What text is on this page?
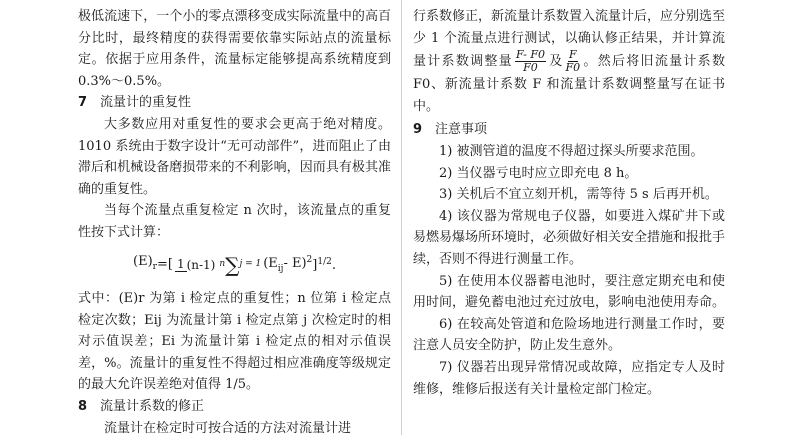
极低流速下，一个小的零点漂移变成实际流量中的高百分比时，最终精度的获得需要依靠实际站点的流量标定。依据于应用条件，流量标定能够提高系统精度到 0.3%～0.5%。

7 流量计的重复性

大多数应用对重复性的要求会更高于绝对精度。1010 系统由于数字设计“无可动部件”，进而阻止了由滞后和机械设备磨损带来的不利影响，因而具有极其准确的重复性。

当每个流量点重复检定 n 次时，该流量点的重复性按下式计算：

$(E)_r=$[ 1 (n-1) n∑j = 1 ($E_{ij}-$ E)$^2$]$^{1/2}$.

式中：(E)r 为第 i 检定点的重复性；n 位第 i 检定点检定次数；Eij 为流量计第 i 检定点第 j 次检定时的相对示值误差；Ei 为流量计第 i 检定点的相对示值误差，%。流量计的重复性不得超过相应准确度等级规定的最大允许误差绝对值得 1/5。

8 流量计系数的修正

流量计在检定时可按合适的方法对流量计进

行系数修正，新流量计系数置入流量计后，应分别选至少 1 个流量点进行测试，以确认修正结果，并计算流量计系数调整量 $\frac{F- F0}{F0}$ 及 $\frac{F}{F0}$ 。然后将旧流量计系数 F0、新流量计系数 F 和流量计系数调整量写在证书中。

9 注意事项

1) 被测管道的温度不得超过探头所要求范围。

2) 当仪器亏电时应立即充电 8 h。

3) 关机后不宜立刻开机，需等待 5 s 后再开机。

4) 该仪器为常规电子仪器，如要进入煤矿井下或易燃易爆场所环境时，必须做好相关安全措施和报批手续，否则不得进行测量工作。

5) 在使用本仪器蓄电池时，要注意定期充电和使用时间，避免蓄电池过充过放电，影响电池使用寿命。

6) 在较高处管道和危险场地进行测量工作时，要注意人员安全防护，防止发生意外。

7) 仪器若出现异常情况或故障，应指定专人及时维修，维修后报送有关计量检定部门检定。
